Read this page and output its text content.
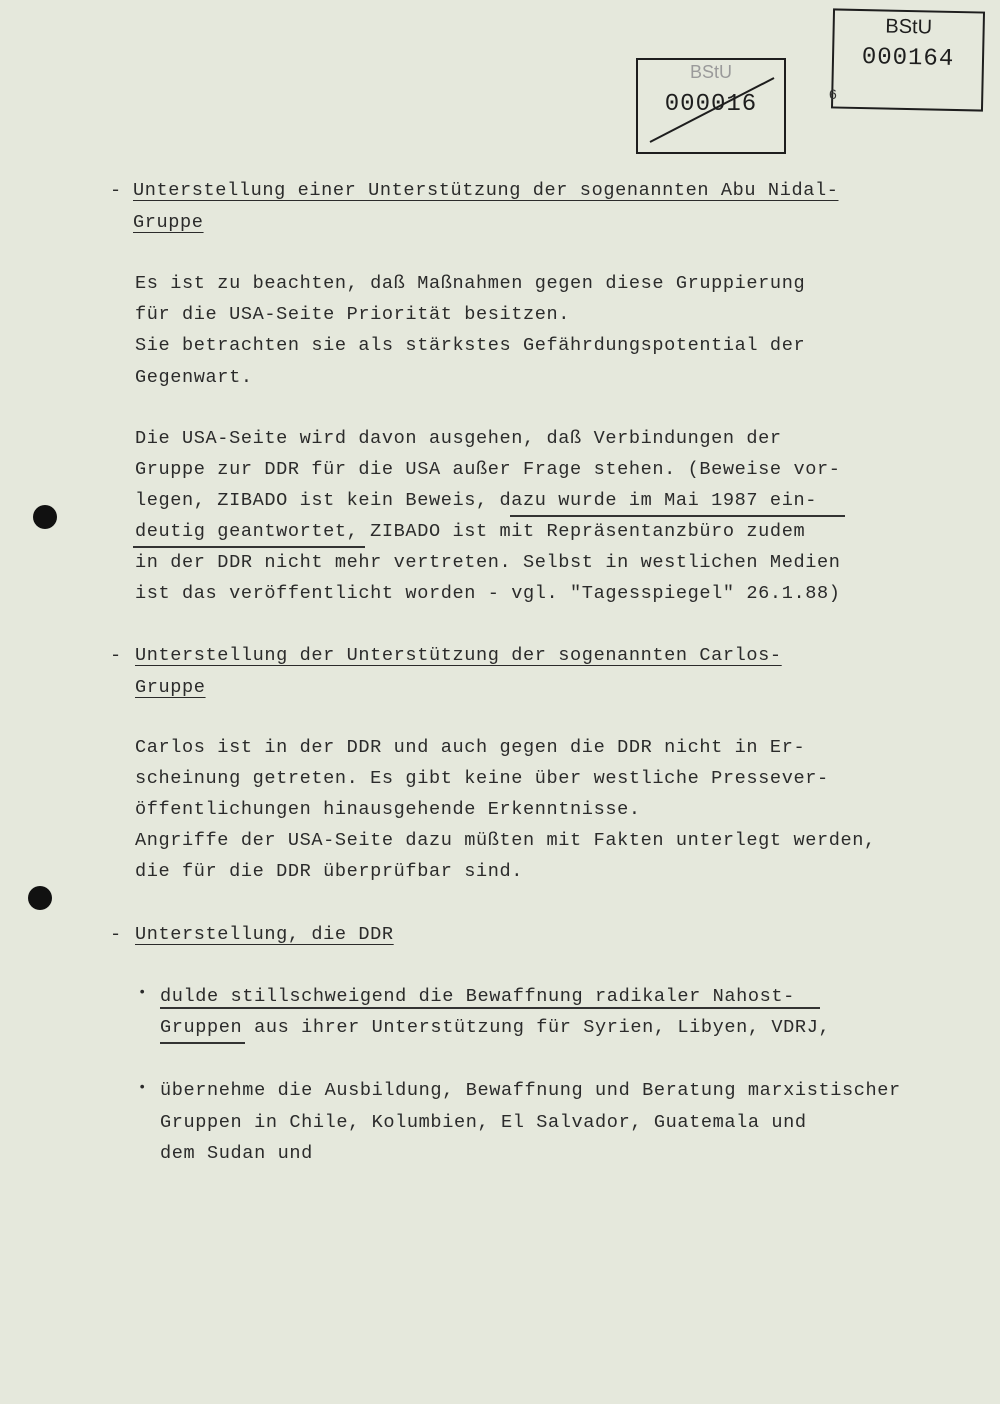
BStU
000016
BStU
000164
6
- Unterstellung einer Unterstützung der sogenannten Abu Nidal-
Gruppe
Es ist zu beachten, daß Maßnahmen gegen diese Gruppierung
für die USA-Seite Priorität besitzen.
Sie betrachten sie als stärkstes Gefährdungspotential der
Gegenwart.
Die USA-Seite wird davon ausgehen, daß Verbindungen der
Gruppe zur DDR für die USA außer Frage stehen. (Beweise vor-
legen, ZIBADO ist kein Beweis, dazu wurde im Mai 1987 ein-
deutig geantwortet, ZIBADO ist mit Repräsentanzbüro zudem
in der DDR nicht mehr vertreten. Selbst in westlichen Medien
ist das veröffentlicht worden - vgl. "Tagesspiegel" 26.1.88)
- Unterstellung der Unterstützung der sogenannten Carlos-
Gruppe
Carlos ist in der DDR und auch gegen die DDR nicht in Er-
scheinung getreten. Es gibt keine über westliche Pressever-
öffentlichungen hinausgehende Erkenntnisse.
Angriffe der USA-Seite dazu müßten mit Fakten unterlegt werden,
die für die DDR überprüfbar sind.
- Unterstellung, die DDR
• dulde stillschweigend die Bewaffnung radikaler Nahost-
Gruppen aus ihrer Unterstützung für Syrien, Libyen, VDRJ,
• übernehme die Ausbildung, Bewaffnung und Beratung marxistischer
Gruppen in Chile, Kolumbien, El Salvador, Guatemala und
dem Sudan und
